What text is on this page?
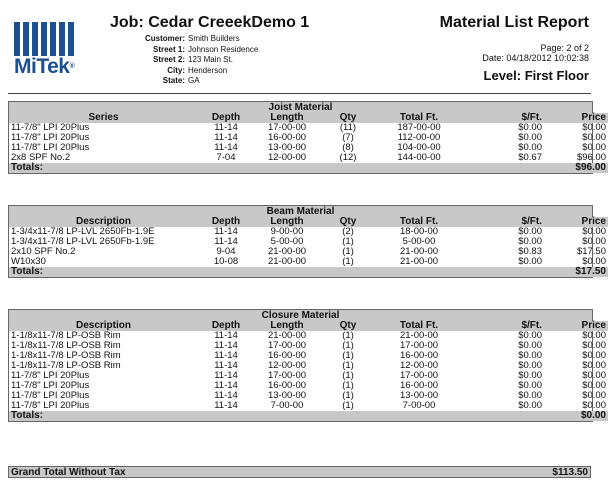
MiTek®
Job: Cedar CreeekDemo 1
Customer: Smith Builders
Street 1: Johnson Residence
Street 2: 123 Main St.
City: Henderson
State: GA
Material List Report
Page: 2 of 2
Date: 04/18/2012 10:02:38
Level: First Floor
Joist Material
Series	Depth	Length	Qty	Total Ft.	$/Ft.	Price
11-7/8" LPI 20Plus	11-14	17-00-00	(11)	187-00-00	$0.00	$0.00
11-7/8" LPI 20Plus	11-14	16-00-00	(7)	112-00-00	$0.00	$0.00
11-7/8" LPI 20Plus	11-14	13-00-00	(8)	104-00-00	$0.00	$0.00
2x8 SPF No.2	7-04	12-00-00	(12)	144-00-00	$0.67	$96.00
Totals:						$96.00
Beam Material
Description	Depth	Length	Qty	Total Ft.	$/Ft.	Price
1-3/4x11-7/8 LP-LVL 2650Fb-1.9E	11-14	9-00-00	(2)	18-00-00	$0.00	$0.00
1-3/4x11-7/8 LP-LVL 2650Fb-1.9E	11-14	5-00-00	(1)	5-00-00	$0.00	$0.00
2x10 SPF No.2	9-04	21-00-00	(1)	21-00-00	$0.83	$17.50
W10x30	10-08	21-00-00	(1)	21-00-00	$0.00	$0.00
Totals:						$17.50
Closure Material
Description	Depth	Length	Qty	Total Ft.	$/Ft.	Price
1-1/8x11-7/8 LP-OSB Rim	11-14	21-00-00	(1)	21-00-00	$0.00	$0.00
1-1/8x11-7/8 LP-OSB Rim	11-14	17-00-00	(1)	17-00-00	$0.00	$0.00
1-1/8x11-7/8 LP-OSB Rim	11-14	16-00-00	(1)	16-00-00	$0.00	$0.00
1-1/8x11-7/8 LP-OSB Rim	11-14	12-00-00	(1)	12-00-00	$0.00	$0.00
11-7/8" LPI 20Plus	11-14	17-00-00	(1)	17-00-00	$0.00	$0.00
11-7/8" LPI 20Plus	11-14	16-00-00	(1)	16-00-00	$0.00	$0.00
11-7/8" LPI 20Plus	11-14	13-00-00	(1)	13-00-00	$0.00	$0.00
11-7/8" LPI 20Plus	11-14	7-00-00	(1)	7-00-00	$0.00	$0.00
Totals:						$0.00
Grand Total Without Tax	$113.50
